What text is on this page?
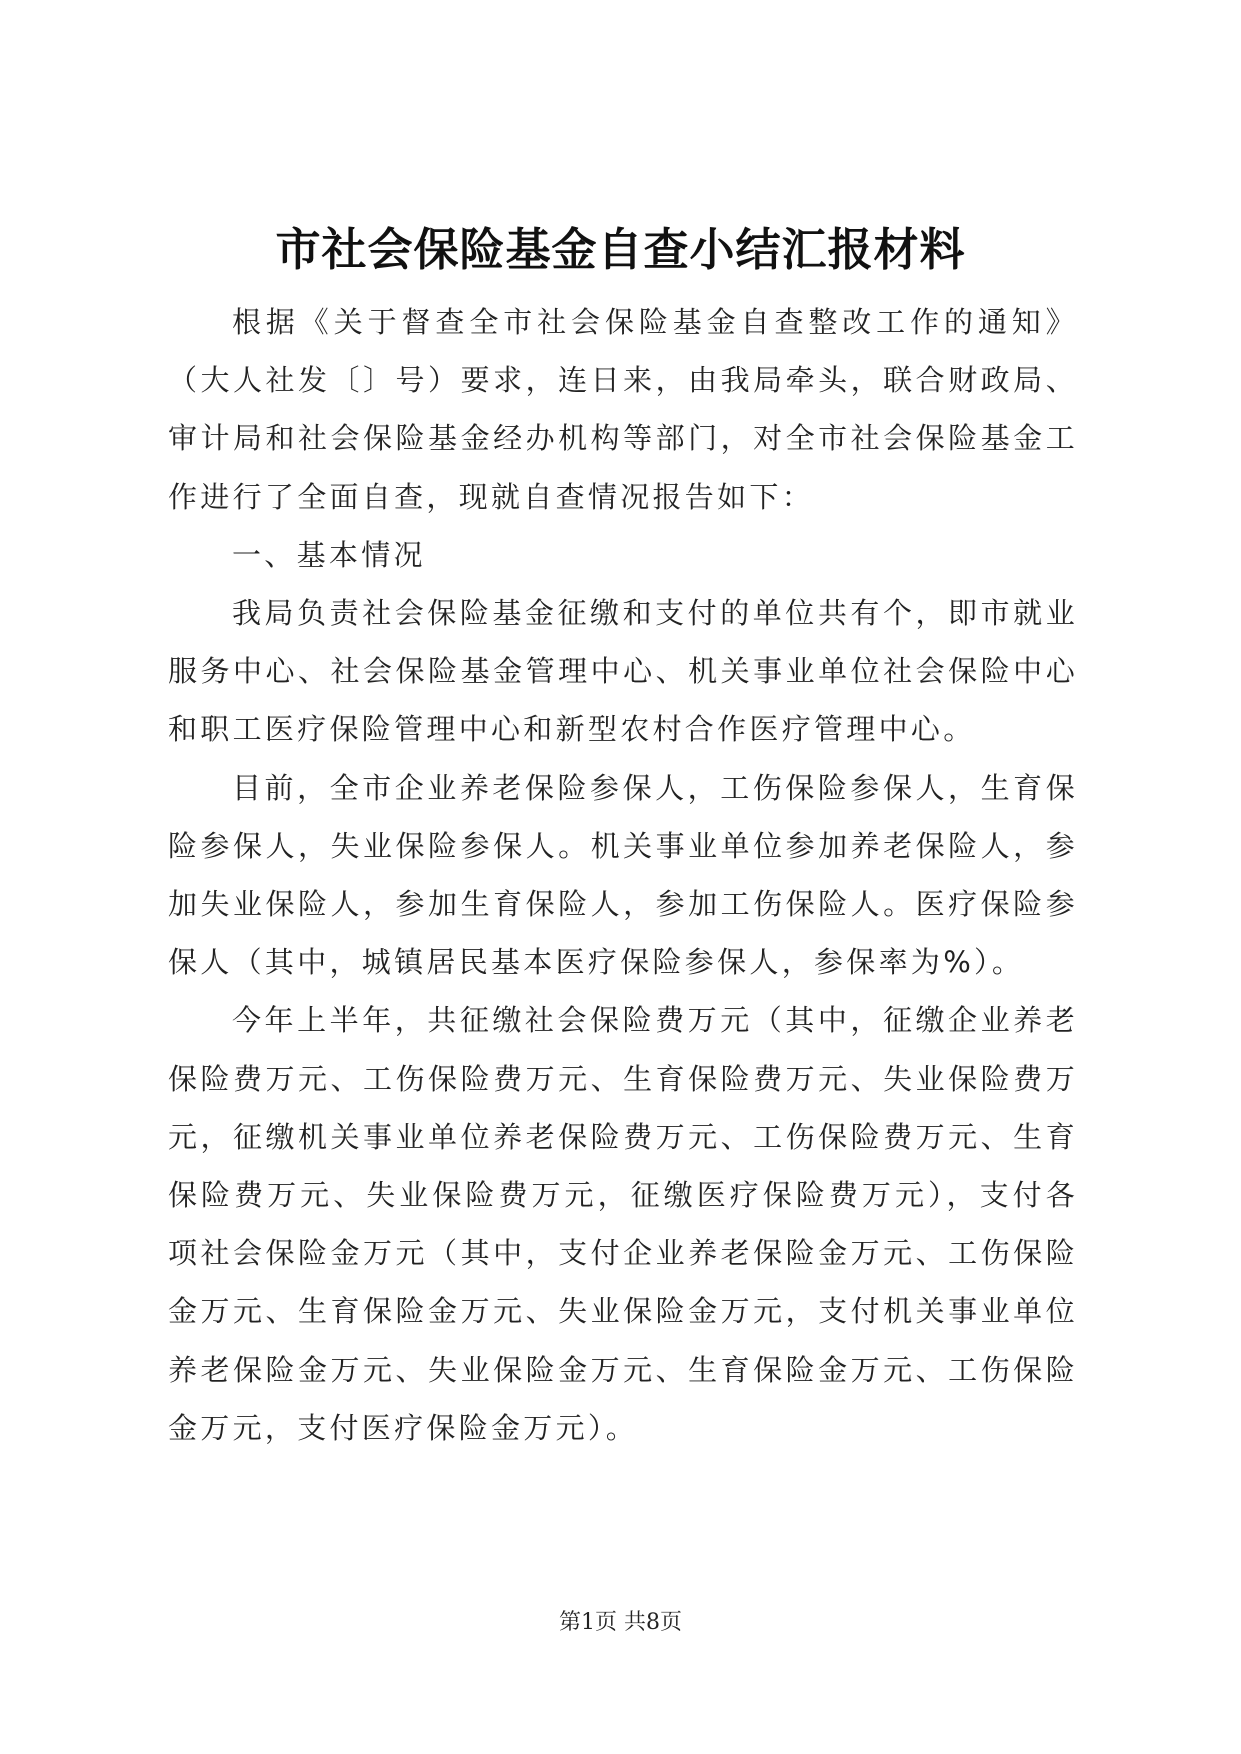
市社会保险基金自查小结汇报材料

根据《关于督查全市社会保险基金自查整改工作的通知》（大人社发〔〕号）要求，连日来，由我局牵头，联合财政局、审计局和社会保险基金经办机构等部门，对全市社会保险基金工作进行了全面自查，现就自查情况报告如下：

一、基本情况

我局负责社会保险基金征缴和支付的单位共有个，即市就业服务中心、社会保险基金管理中心、机关事业单位社会保险中心和职工医疗保险管理中心和新型农村合作医疗管理中心。

目前，全市企业养老保险参保人，工伤保险参保人，生育保险参保人，失业保险参保人。机关事业单位参加养老保险人，参加失业保险人，参加生育保险人，参加工伤保险人。医疗保险参保人（其中，城镇居民基本医疗保险参保人，参保率为%）。

今年上半年，共征缴社会保险费万元（其中，征缴企业养老保险费万元、工伤保险费万元、生育保险费万元、失业保险费万元，征缴机关事业单位养老保险费万元、工伤保险费万元、生育保险费万元、失业保险费万元，征缴医疗保险费万元），支付各项社会保险金万元（其中，支付企业养老保险金万元、工伤保险金万元、生育保险金万元、失业保险金万元，支付机关事业单位养老保险金万元、失业保险金万元、生育保险金万元、工伤保险金万元，支付医疗保险金万元）。

第1页 共8页
